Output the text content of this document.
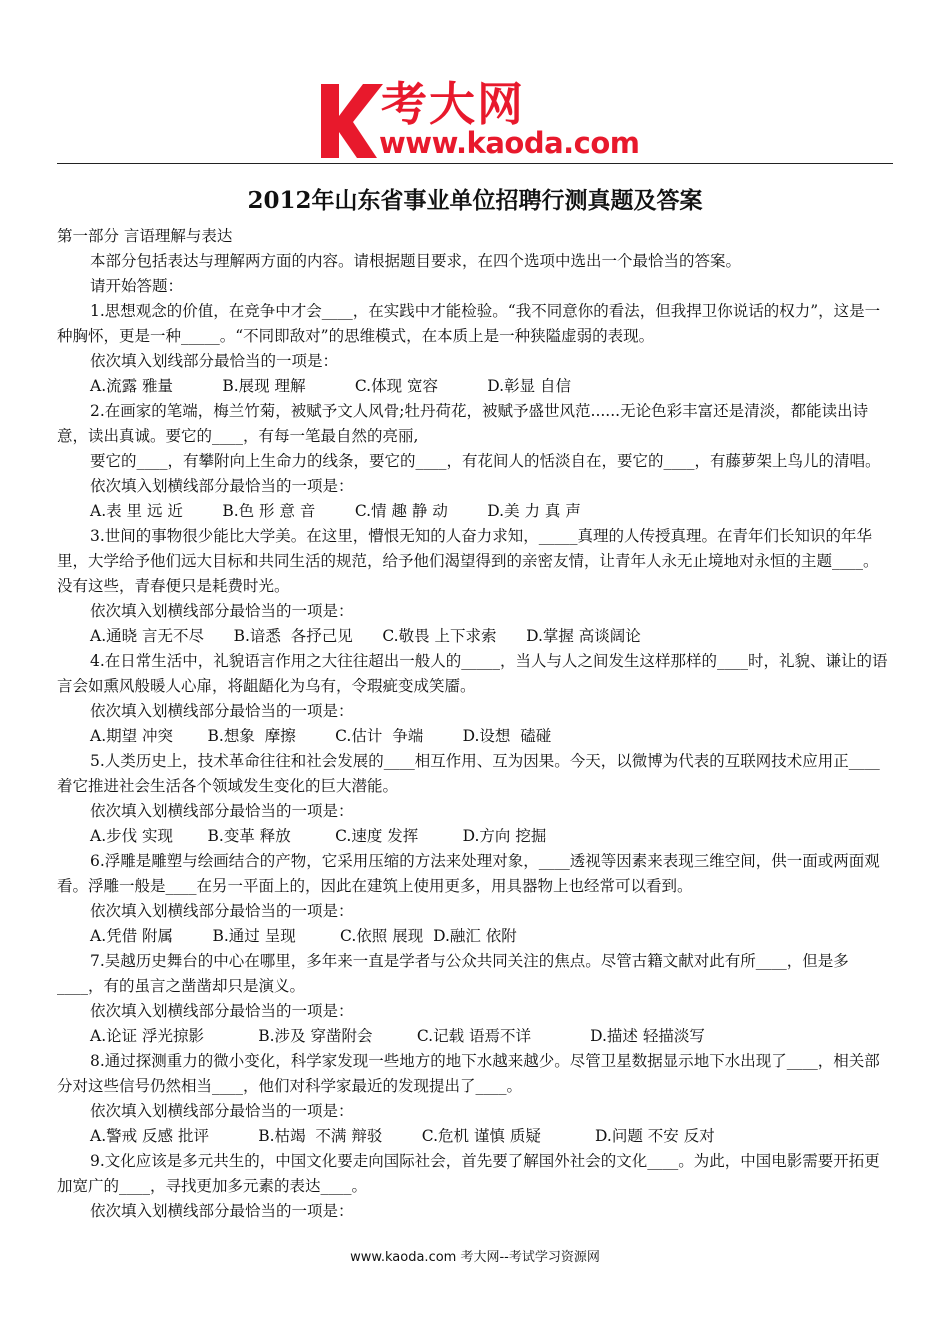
考大网
www.kaoda.com
2012年山东省事业单位招聘行测真题及答案

第一部分 言语理解与表达

本部分包括表达与理解两方面的内容。请根据题目要求，在四个选项中选出一个最恰当的答案。

请开始答题：

1.思想观念的价值，在竞争中才会____，在实践中才能检验。“我不同意你的看法，但我捍卫你说话的权力”，这是一种胸怀，更是一种_____。“不同即敌对”的思维模式，在本质上是一种狭隘虚弱的表现。

依次填入划线部分最恰当的一项是：

A.流露 雅量          B.展现 理解          C.体现 宽容          D.彰显 自信

2.在画家的笔端，梅兰竹菊，被赋予文人风骨;牡丹荷花，被赋予盛世风范......无论色彩丰富还是清淡，都能读出诗意，读出真诚。要它的____，有每一笔最自然的亮丽,

要它的____，有攀附向上生命力的线条，要它的____，有花间人的恬淡自在，要它的____，有藤萝架上鸟儿的清唱。

依次填入划横线部分最恰当的一项是：

A.表 里 远 近        B.色 形 意 音        C.情 趣 静 动        D.美 力 真 声

3.世间的事物很少能比大学美。在这里，懵恨无知的人奋力求知，_____真理的人传授真理。在青年们长知识的年华里，大学给予他们远大目标和共同生活的规范，给予他们渴望得到的亲密友情，让青年人永无止境地对永恒的主题____。没有这些，青春便只是耗费时光。

依次填入划横线部分最恰当的一项是：

A.通晓 言无不尽      B.谙悉  各抒己见      C.敬畏 上下求索      D.掌握 高谈阔论

4.在日常生活中，礼貌语言作用之大往往超出一般人的_____，当人与人之间发生这样那样的____时，礼貌、谦让的语言会如熏风般暖人心扉，将龃龉化为乌有，令瑕疵变成笑靥。

依次填入划横线部分最恰当的一项是：

A.期望 冲突       B.想象  摩擦        C.估计  争端        D.设想  磕碰

5.人类历史上，技术革命往往和社会发展的____相互作用、互为因果。今天，以微博为代表的互联网技术应用正____着它推进社会生活各个领域发生变化的巨大潜能。

依次填入划横线部分最恰当的一项是：

A.步伐 实现       B.变革 释放         C.速度 发挥         D.方向 挖掘

6.浮雕是雕塑与绘画结合的产物，它采用压缩的方法来处理对象，____透视等因素来表现三维空间，供一面或两面观看。浮雕一般是____在另一平面上的，因此在建筑上使用更多，用具器物上也经常可以看到。

依次填入划横线部分最恰当的一项是：

A.凭借 附属        B.通过 呈现         C.依照 展现  D.融汇 依附

7.吴越历史舞台的中心在哪里，多年来一直是学者与公众共同关注的焦点。尽管古籍文献对此有所____，但是多____，有的虽言之凿凿却只是演义。

依次填入划横线部分最恰当的一项是：

A.论证 浮光掠影           B.涉及 穿凿附会         C.记载 语焉不详            D.描述 轻描淡写

8.通过探测重力的微小变化，科学家发现一些地方的地下水越来越少。尽管卫星数据显示地下水出现了____，相关部分对这些信号仍然相当____，他们对科学家最近的发现提出了____。

依次填入划横线部分最恰当的一项是：

A.警戒 反感 批评          B.枯竭  不满 辩驳        C.危机 谨慎 质疑           D.问题 不安 反对

9.文化应该是多元共生的，中国文化要走向国际社会，首先要了解国外社会的文化____。为此，中国电影需要开拓更加宽广的____，寻找更加多元素的表达____。

依次填入划横线部分最恰当的一项是：

www.kaoda.com 考大网--考试学习资源网
